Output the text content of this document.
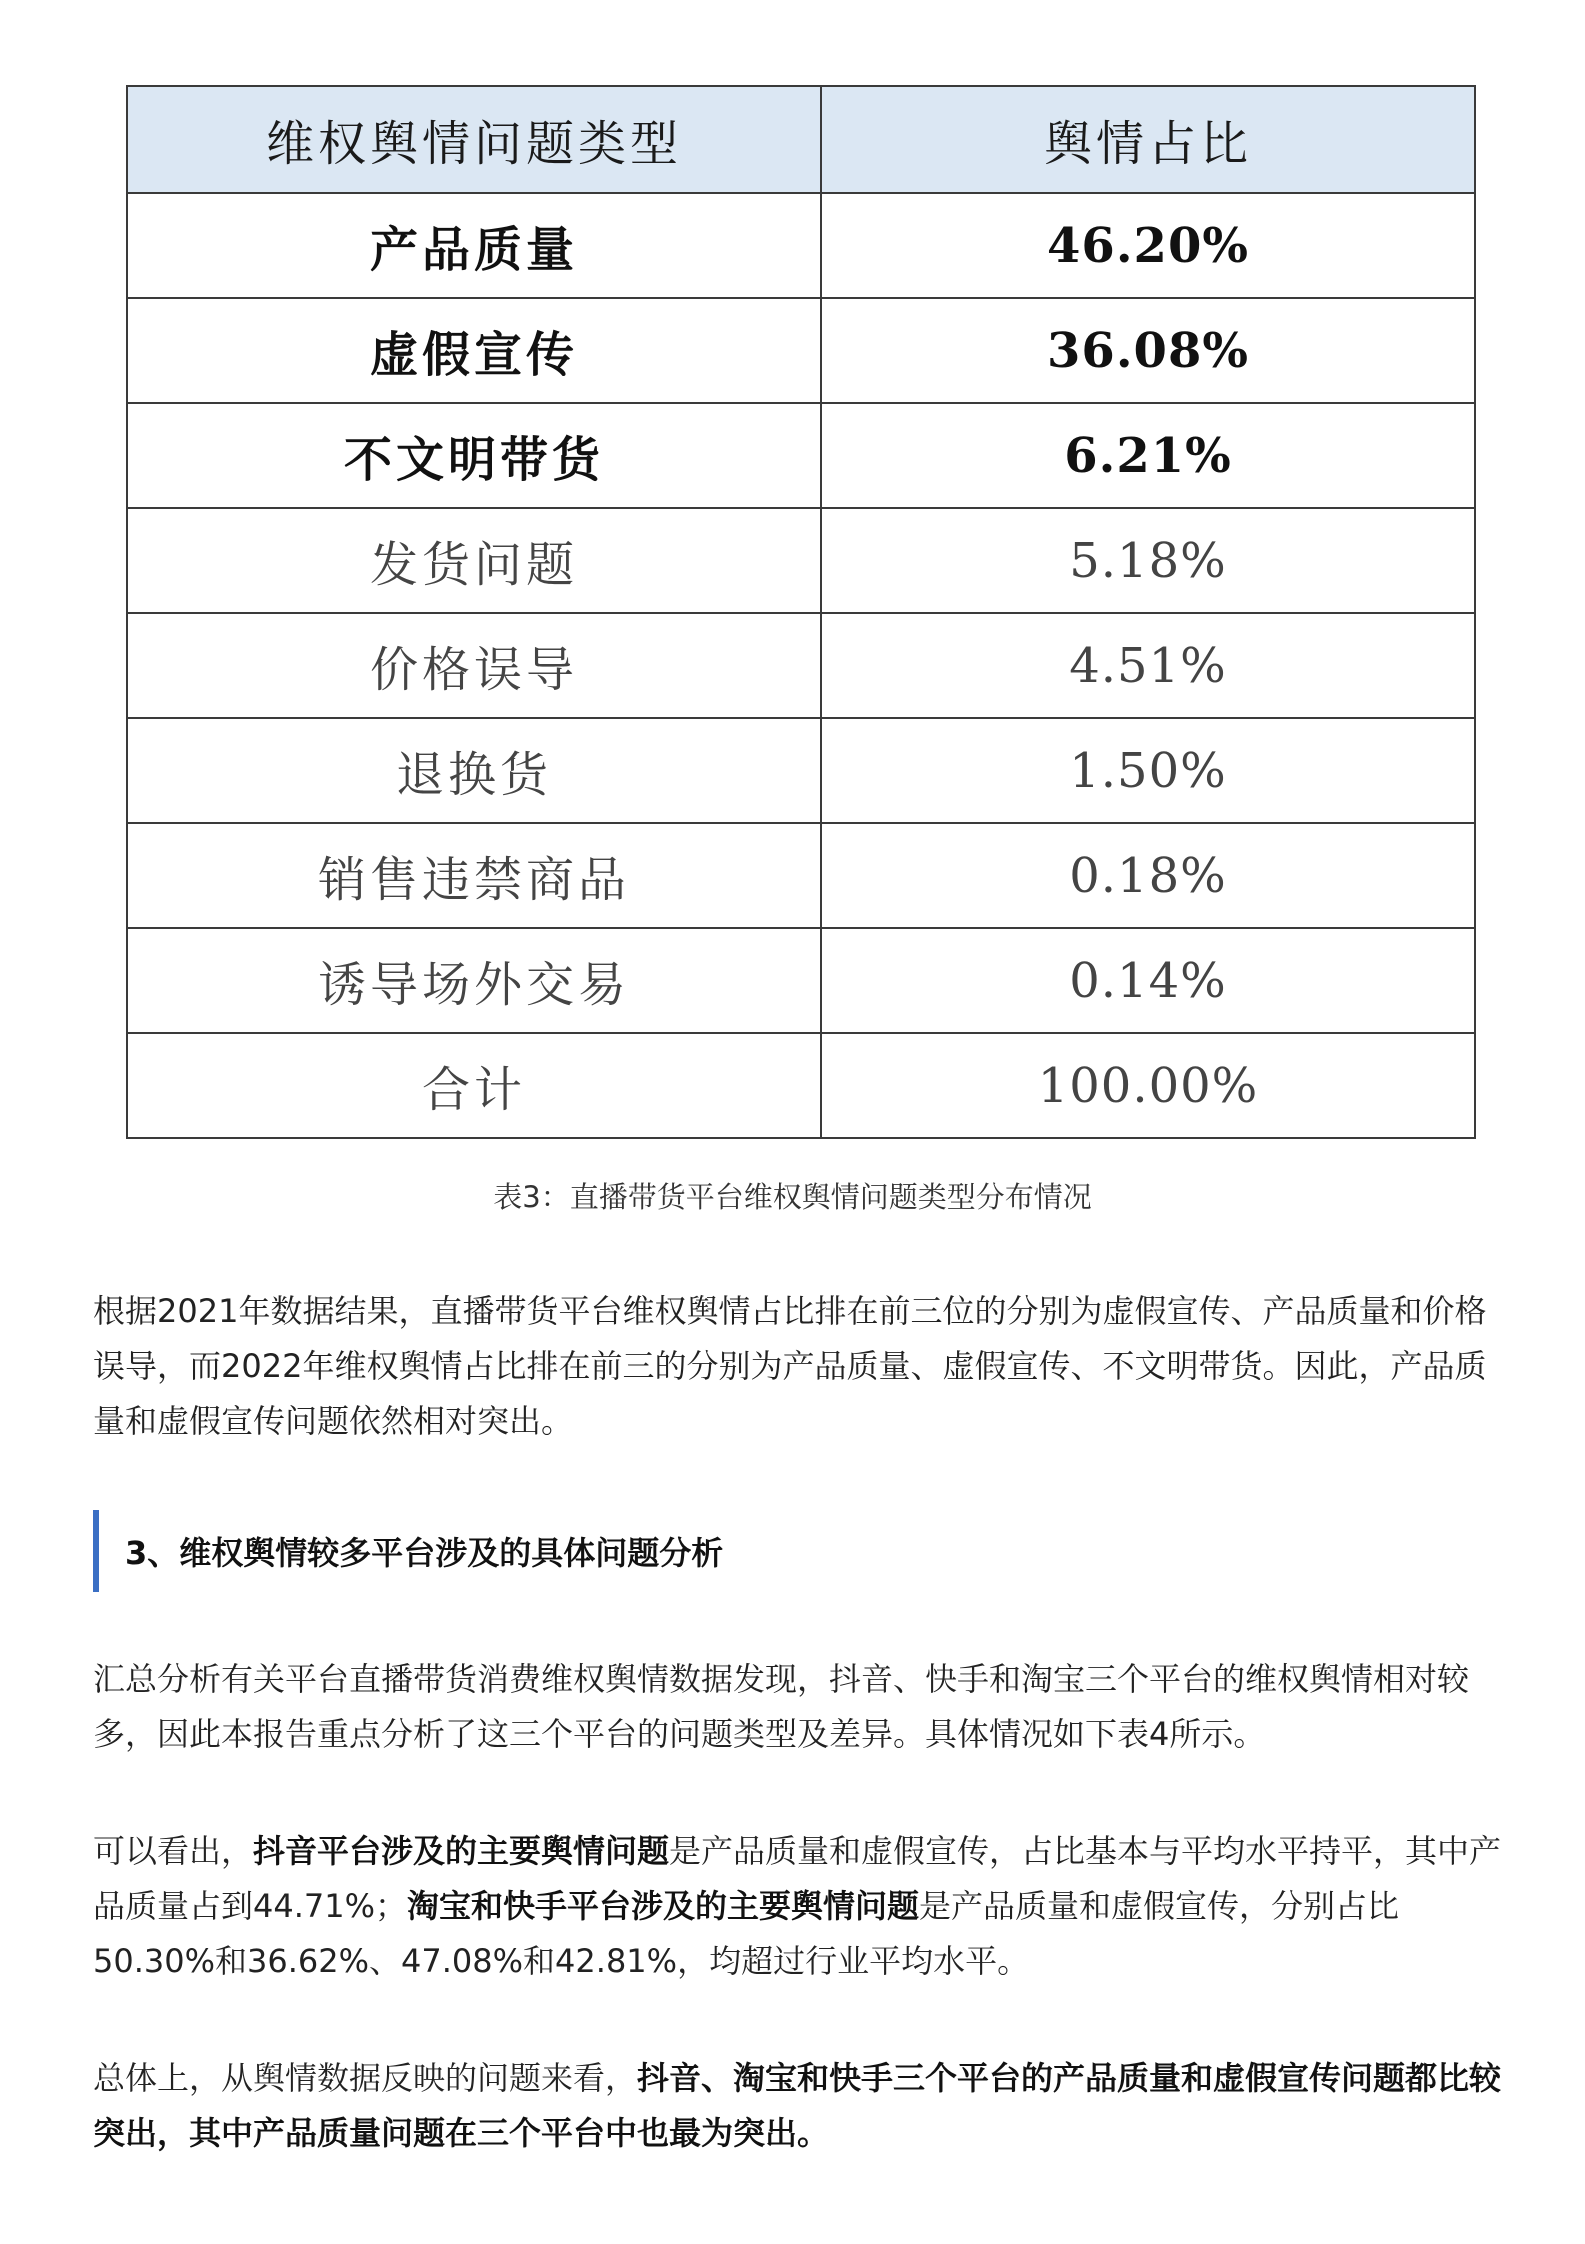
维权舆情问题类型	舆情占比
产品质量	46.20%
虚假宣传	36.08%
不文明带货	6.21%
发货问题	5.18%
价格误导	4.51%
退换货	1.50%
销售违禁商品	0.18%
诱导场外交易	0.14%
合计	100.00%
表3：直播带货平台维权舆情问题类型分布情况

根据2021年数据结果，直播带货平台维权舆情占比排在前三位的分别为虚假宣传、产品质量和价格误导，而2022年维权舆情占比排在前三的分别为产品质量、虚假宣传、不文明带货。因此，产品质量和虚假宣传问题依然相对突出。

3、维权舆情较多平台涉及的具体问题分析

汇总分析有关平台直播带货消费维权舆情数据发现，抖音、快手和淘宝三个平台的维权舆情相对较多，因此本报告重点分析了这三个平台的问题类型及差异。具体情况如下表4所示。

可以看出，抖音平台涉及的主要舆情问题是产品质量和虚假宣传，占比基本与平均水平持平，其中产品质量占到44.71%；淘宝和快手平台涉及的主要舆情问题是产品质量和虚假宣传，分别占比50.30%和36.62%、47.08%和42.81%，均超过行业平均水平。

总体上，从舆情数据反映的问题来看，抖音、淘宝和快手三个平台的产品质量和虚假宣传问题都比较突出，其中产品质量问题在三个平台中也最为突出。
